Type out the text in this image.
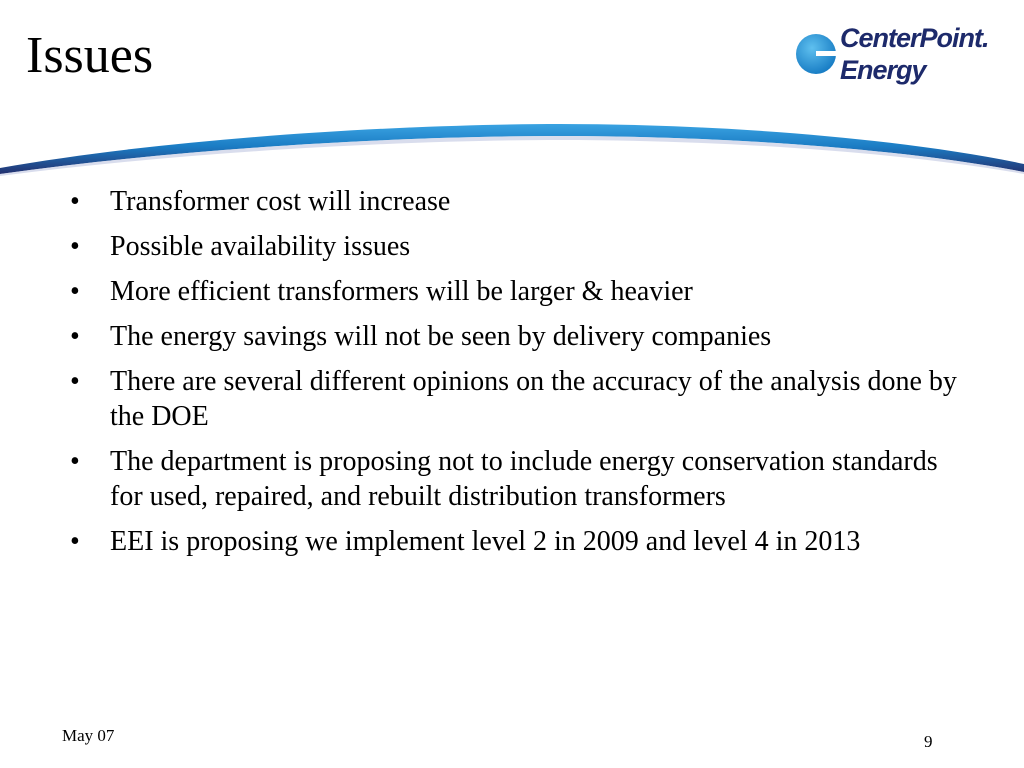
Issues	CenterPoint.
Energy
• Transformer cost will increase
• Possible availability issues
• More efficient transformers will be larger & heavier
• The energy savings will not be seen by delivery companies
• There are several different opinions on the accuracy of the analysis done by the DOE
• The department is proposing not to include energy conservation standards for used, repaired, and rebuilt distribution transformers
• EEI is proposing we implement level 2 in 2009 and level 4 in 2013
May 07	9
